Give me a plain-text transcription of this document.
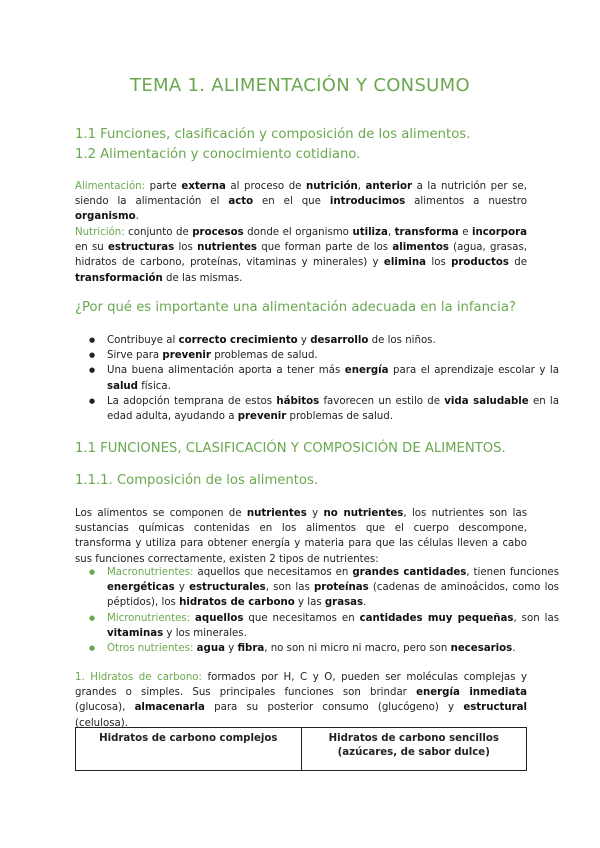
TEMA 1. ALIMENTACIÓN Y CONSUMO
1.1 Funciones, clasificación y composición de los alimentos.
1.2 Alimentación y conocimiento cotidiano.
Alimentación: parte externa al proceso de nutrición, anterior a la nutrición per se, siendo la alimentación el acto en el que introducimos alimentos a nuestro organismo.
Nutrición: conjunto de procesos donde el organismo utiliza, transforma e incorpora en su estructuras los nutrientes que forman parte de los alimentos (agua, grasas, hidratos de carbono, proteínas, vitaminas y minerales) y elimina los productos de transformación de las mismas.
¿Por qué es importante una alimentación adecuada en la infancia?
● Contribuye al correcto crecimiento y desarrollo de los niños.
● Sirve para prevenir problemas de salud.
● Una buena alimentación aporta a tener más energía para el aprendizaje escolar y la salud física.
● La adopción temprana de estos hábitos favorecen un estilo de vida saludable en la edad adulta, ayudando a prevenir problemas de salud.
1.1 FUNCIONES, CLASIFICACIÓN Y COMPOSICIÓN DE ALIMENTOS.
1.1.1. Composición de los alimentos.
Los alimentos se componen de nutrientes y no nutrientes, los nutrientes son las sustancias químicas contenidas en los alimentos que el cuerpo descompone, transforma y utiliza para obtener energía y materia para que las células lleven a cabo sus funciones correctamente, existen 2 tipos de nutrientes:
● Macronutrientes: aquellos que necesitamos en grandes cantidades, tienen funciones energéticas y estructurales, son las proteínas (cadenas de aminoácidos, como los péptidos), los hidratos de carbono y las grasas.
● Micronutrientes: aquellos que necesitamos en cantidades muy pequeñas, son las vitaminas y los minerales.
● Otros nutrientes: agua y fibra, no son ni micro ni macro, pero son necesarios.
1. Hidratos de carbono: formados por H, C y O, pueden ser moléculas complejas y grandes o simples. Sus principales funciones son brindar energía inmediata (glucosa), almacenarla para su posterior consumo (glucógeno) y estructural (celulosa).
Hidratos de carbono complejos	Hidratos de carbono sencillos (azúcares, de sabor dulce)
